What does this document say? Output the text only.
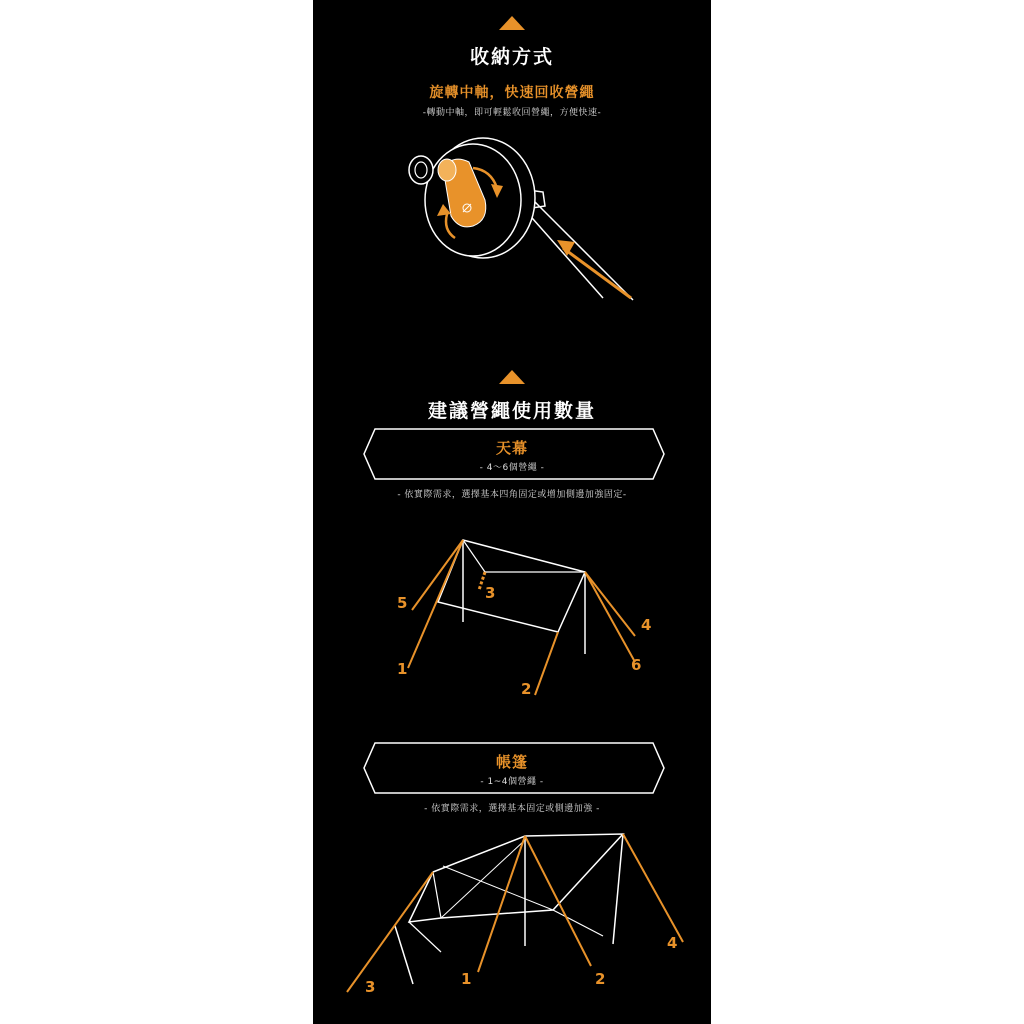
收納方式
旋轉中軸，快速回收營繩
-轉動中軸，即可輕鬆收回營繩，方便快速-
建議營繩使用數量
天幕
- 4～6個營繩 -
- 依實際需求，選擇基本四角固定或增加側邊加強固定-
5
3
4
6
1
2
帳篷
- 1~4個營繩 -
- 依實際需求，選擇基本固定或側邊加強 -
4
1	2
3
